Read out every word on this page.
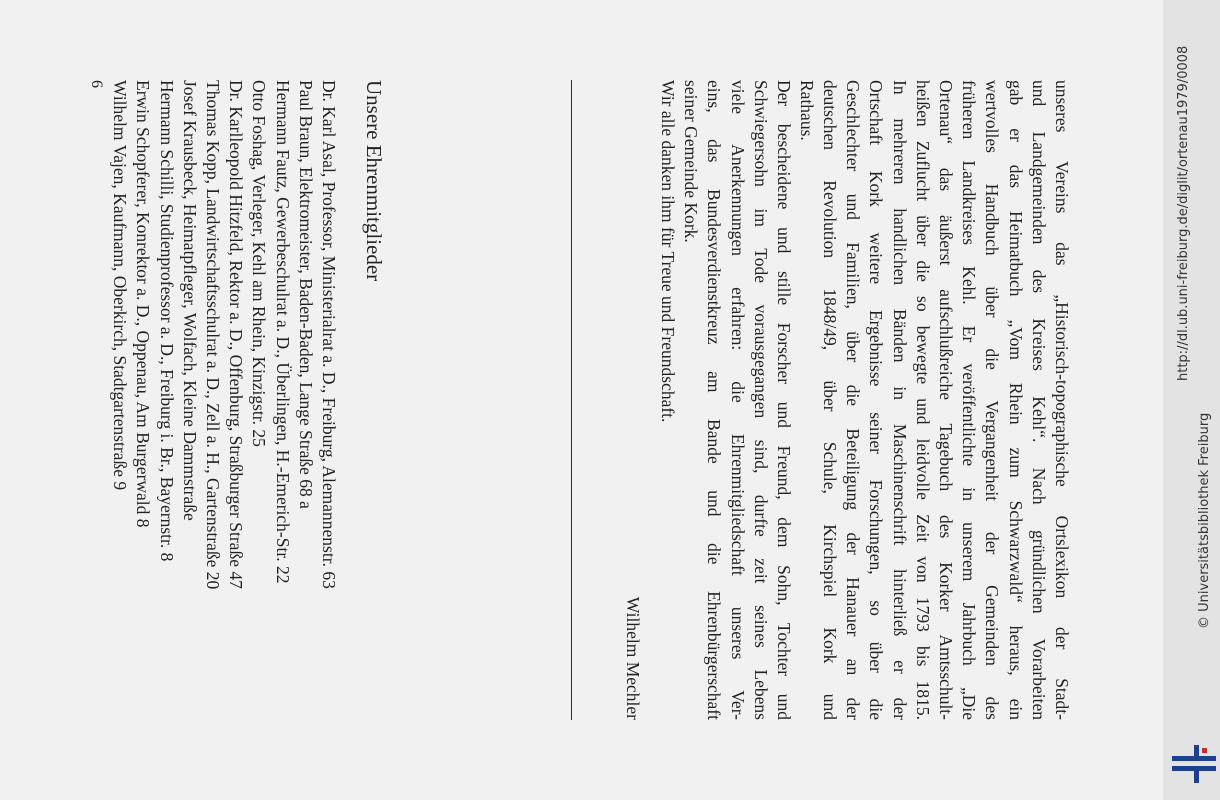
unseres Vereins das „Historisch-topographische Ortslexikon der Stadt-
und Landgemeinden des Kreises Kehl“. Nach gründlichen Vorarbeiten
gab er das Heimatbuch „Vom Rhein zum Schwarzwald“ heraus, ein
wertvolles Handbuch über die Vergangenheit der Gemeinden des
früheren Landkreises Kehl. Er veröffentlichte in unserem Jahrbuch „Die
Ortenau“ das äußerst aufschlußreiche Tagebuch des Korker Amtsschult-
heißen Zuflucht über die so bewegte und leidvolle Zeit von 1793 bis 1815.
In mehreren handlichen Bänden in Maschinenschrift hinterließ er der
Ortschaft Kork weitere Ergebnisse seiner Forschungen, so über die
Geschlechter und Familien, über die Beteiligung der Hanauer an der
deutschen Revolution 1848/49, über Schule, Kirchspiel Kork und
Rathaus.
Der bescheidene und stille Forscher und Freund, dem Sohn, Tochter und
Schwiegersohn im Tode vorausgegangen sind, durfte zeit seines Lebens
viele Anerkennungen erfahren: die Ehrenmitgliedschaft unseres Ver-
eins, das Bundesverdienstkreuz am Bande und die Ehrenbürgerschaft
seiner Gemeinde Kork.
Wir alle danken ihm für Treue und Freundschaft.
Wilhelm Mechler
Unsere Ehrenmitglieder
Dr. Karl Asal, Professor, Ministerialrat a. D., Freiburg, Alemannenstr. 63
Paul Braun, Elektromeister, Baden-Baden, Lange Straße 68 a
Hermann Fautz, Gewerbeschulrat a. D., Überlingen, H.-Emerich-Str. 22
Otto Foshag, Verleger, Kehl am Rhein, Kinzigstr. 25
Dr. Karlleopold Hitzfeld, Rektor a. D., Offenburg, Straßburger Straße 47
Thomas Kopp, Landwirtschaftsschulrat a. D., Zell a. H., Gartenstraße 20
Josef Krausbeck, Heimatpfleger, Wolfach, Kleine Dammstraße
Hermann Schilli, Studienprofessor a. D., Freiburg i. Br., Bayernstr. 8
Erwin Schopferer, Konrektor a. D., Oppenau, Am Burgerwald 8
Wilhelm Vajen, Kaufmann, Oberkirch, Stadtgartenstraße 9
6	http://dl.ub.uni-freiburg.de/diglit/ortenau1979/0008
© Universitätsbibliothek Freiburg
